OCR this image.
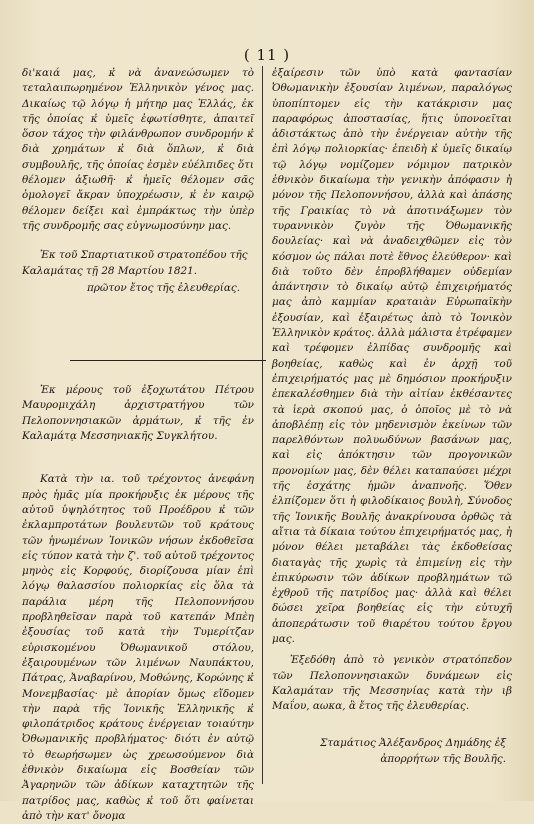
( 11 )

δι'καιά μας, κ̓ νὰ ἀνανεώσωμεν τὸ τεταλαιπωρημένον Ἑλληνικὸν γένος μας. Δικαίως τῷ λόγῳ ἡ μήτηρ μας Ἑλλάς, ἐκ τῆς ὁποίας κ̓ ὑμεῖς ἐφωτίσθητε, ἀπαιτεῖ ὅσον τάχος τὴν φιλάνθρωπον συνδρομήν κ̓ διὰ χρημάτων κ̓ διὰ ὅπλων, κ̓ διὰ συμβουλῆς, τῆς ὁποίας ἐσμὲν εὐέλπιδες ὅτι θέλομεν ἀξιωθῆ· κ̓ ἡμεῖς θέλομεν σᾶς ὁμολογεῖ ἄκραν ὑποχρέωσιν, κ̓ ἐν καιρῷ θέλομεν δείξει καὶ ἐμπράκτως τὴν ὑπὲρ τῆς συνδρομῆς σας εὐγνωμοσύνην μας.

Ἐκ τοῦ Σπαρτιατικοῦ στρατοπέδου τῆς Καλαμάτας τῇ 28 Μαρτίου 1821.

πρῶτον ἔτος τῆς ἐλευθερίας.

Ἐκ μέρους τοῦ ἐξοχωτάτου Πέτρου Μαυρομιχάλη ἀρχιστρατήγου τῶν Πελοποννησιακῶν ἁρμάτων, κ̓ τῆς ἐν Καλαμάτᾳ Μεσσηνιακῆς Συγκλήτου.

Κατὰ τὴν ια. τοῦ τρέχοντος ἀνεφάνη πρὸς ἡμᾶς μία προκήρυξις ἐκ μέρους τῆς αὐτοῦ ὑψηλότητος τοῦ Προέδρου κ̓ τῶν ἐκλαμπροτάτων βουλευτῶν τοῦ κράτους τῶν ἡνωμένων Ἰονικῶν νήσων ἐκδοθεῖσα εἰς τύπον κατὰ τὴν ζ'. τοῦ αὐτοῦ τρέχοντος μηνὸς εἰς Κορφούς, διορίζουσα μίαν ἐπὶ λόγῳ θαλασσίου πολιορκίας εἰς ὅλα τὰ παράλια μέρη τῆς Πελοποννήσου προβληθεῖσαν παρὰ τοῦ κατεπάν Μπὲη ἐξουσίας τοῦ κατὰ τὴν Τυμερίτζαν εὑρισκομένου Ὀθωμανικοῦ στόλου, ἐξαιρουμένων τῶν λιμένων Ναυπάκτου, Πάτρας, Ἀναβαρίνου, Μοθώνης, Κορώνης κ̓ Μονεμβασίας· μὲ ἀπορίαν ὅμως εἴδομεν τὴν παρὰ τῆς Ἰονικῆς Ἑλληνικῆς κ̓ φιλοπάτριδος κράτους ἐνέργειαν τοιαύτην Ὀθωμανικῆς προβλήματος· διότι ἐν αὐτῷ τὸ θεωρήσωμεν ὡς χρεωσούμενον διὰ ἐθνικὸν δικαίωμα εἰς Βοσθείαν τῶν Ἀγαρηνῶν τῶν ἀδίκων καταχτητῶν τῆς πατρίδος μας, καθὼς κ̓ τοῦ ὅτι φαίνεται ἀπὸ τὴν κατ' ὄνομα

ἐξαίρεσιν τῶν ὑπὸ κατὰ φαντασίαν Ὀθωμανικὴν ἐξουσίαν λιμένων, παραλόγως ὑποπίπτομεν εἰς τὴν κατάκρισιν μας παραφόρως ἀποστασίας, ἥτις ὑπονοεῖται ἀδιστάκτως ἀπὸ τὴν ἐνέργειαν αὐτὴν τῆς ἐπὶ λόγῳ πολιορκίας· ἐπειδὴ κ̓ ὑμεῖς δικαίῳ τῷ λόγῳ νομίζομεν νόμιμον πατρικὸν ἐθνικὸν δικαίωμα τὴν γενικὴν ἀπόφασιν ἡ μόνον τῆς Πελοποννήσου, ἀλλὰ καὶ ἁπάσης τῆς Γραικίας τὸ νὰ ἀποτινάξωμεν τὸν τυραννικὸν ζυγὸν τῆς Ὀθωμανικῆς δουλείας· καὶ νὰ ἀναδειχθῶμεν εἰς τὸν κόσμον ὡς πάλαι ποτὲ ἔθνος ἐλεύθερον· καὶ διὰ τοῦτο δὲν ἐπροβλήθαμεν οὐδεμίαν ἀπάντησιν τὸ δικαίῳ αὐτῷ ἐπιχειρήματός μας ἀπὸ καμμίαν κραταιὰν Εὐρωπαϊκὴν ἐξουσίαν, καὶ ἐξαιρέτως ἀπὸ τὸ Ἰονικὸν Ἑλληνικὸν κράτος. ἀλλὰ μάλιστα ἐτρέφαμεν καὶ τρέφομεν ἐλπίδας συνδρομῆς καὶ βοηθείας, καθὼς καὶ ἐν ἀρχῇ τοῦ ἐπιχειρήματός μας μὲ δημόσιον προκήρυξιν ἐπεκαλέσθημεν διὰ τὴν αἰτίαν ἐκθέσαντες τὰ ἱερὰ σκοπού μας, ὁ ὁποῖος μὲ τὸ νὰ ἀποβλέπῃ εἰς τὸν μηδενισμὸν ἐκείνων τῶν παρελθόντων πολυωδύνων βασάνων μας, καὶ εἰς ἀπόκτησιν τῶν προγονικῶν προνομίων μας, δὲν θέλει καταπαύσει μέχρι τῆς ἐσχάτης ἡμῶν ἀναπνοῆς. Ὅθεν ἐλπίζομεν ὅτι ἡ φιλοδίκαιος βουλὴ, Σύνοδος τῆς Ἰονικῆς Βουλῆς ἀνακρίνουσα ὀρθῶς τὰ αἴτια τὰ δίκαια τούτου ἐπιχειρήματός μας, ἡ μόνον θέλει μεταβάλει τὰς ἐκδοθείσας διαταγὰς τῆς χωρὶς τὰ ἐπιμείνῃ εἰς τὴν ἐπικύρωσιν τῶν ἀδίκων προβλημάτων τῶ ἐχθροῦ τῆς πατρίδος μας· ἀλλὰ καὶ θέλει δώσει χεῖρα βοηθείας εἰς τὴν εὐτυχῆ ἀποπεράτωσιν τοῦ θιαρέτου τούτου ἔργου μας.

Ἐξεδόθη ἀπὸ τὸ γενικὸν στρατόπεδον τῶν Πελοποννησιακῶν δυνάμεων εἰς Καλαμάταν τῆς Μεσσηνίας κατὰ τὴν ιβ Μαΐου, αωκα, ἃ ἔτος τῆς ἐλευθερίας.

Σταμάτιος Ἀλέξανδρος Δημάδης ἐξ ἀπορρήτων τῆς Βουλῆς.
